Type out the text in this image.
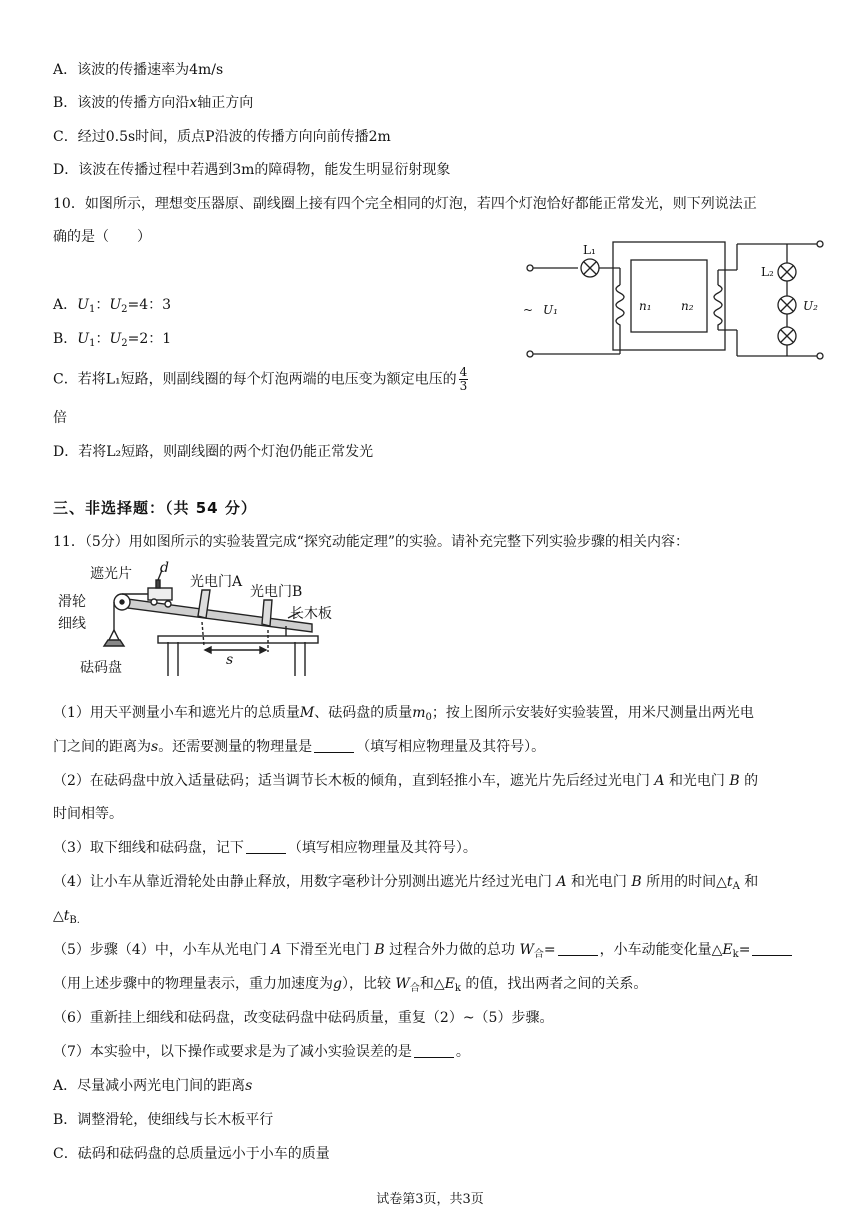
A．该波的传播速率为4m/s
B．该波的传播方向沿x轴正方向
C．经过0.5s时间，质点P沿波的传播方向向前传播2m
D．该波在传播过程中若遇到3m的障碍物，能发生明显衍射现象
10．如图所示，理想变压器原、副线圈上接有四个完全相同的灯泡，若四个灯泡恰好都能正常发光，则下列说法正
确的是（　　）
L₁
L₂
~ U₁	n₁ n₂	U₂
A．$U_1$：$U_2=4$：3
B．$U_1$：$U_2=2$：1
C．若将L₁短路，则副线圈的每个灯泡两端的电压变为额定电压的 $\frac{4}{3}$
倍
D．若将L₂短路，则副线圈的两个灯泡仍能正常发光
三、非选择题：（共 54 分）
11．（5分）用如图所示的实验装置完成“探究动能定理”的实验。请补充完整下列实验步骤的相关内容：
遮光片 d
光电门A
光电门B
滑轮
细线
长木板
砝码盘	s
（1）用天平测量小车和遮光片的总质量M、砝码盘的质量$m_0$；按上图所示安装好实验装置，用米尺测量出两光电
门之间的距离为s。还需要测量的物理量是	（填写相应物理量及其符号）。
（2）在砝码盘中放入适量砝码；适当调节长木板的倾角，直到轻推小车，遮光片先后经过光电门 A 和光电门 B 的
时间相等。
（3）取下细线和砝码盘，记下	（填写相应物理量及其符号）。
（4）让小车从靠近滑轮处由静止释放，用数字毫秒计分别测出遮光片经过光电门 A 和光电门 B 所用的时间$\triangle t_A$ 和
$\triangle t_{B.}$
（5）步骤（4）中，小车从光电门 A 下滑至光电门 B 过程合外力做的总功 $W_合=$	，小车动能变化量$\triangle E_k=$
（用上述步骤中的物理量表示，重力加速度为g），比较 $W_合$和$\triangle E_k$ 的值，找出两者之间的关系。
（6）重新挂上细线和砝码盘，改变砝码盘中砝码质量，重复（2）~（5）步骤。
（7）本实验中，以下操作或要求是为了减小实验误差的是	。
A．尽量减小两光电门间的距离s
B．调整滑轮，使细线与长木板平行
C．砝码和砝码盘的总质量远小于小车的质量
试卷第3页，共3页
